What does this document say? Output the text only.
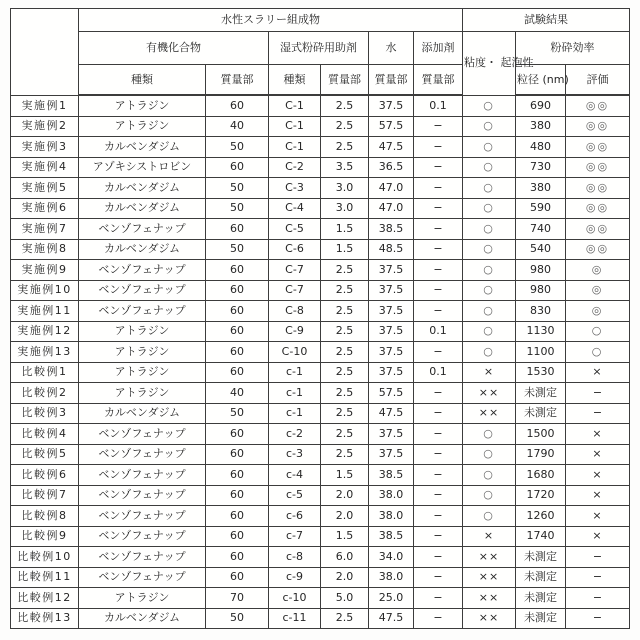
	水性スラリー組成物						試験結果		
	有機化合物		湿式粉砕用助剤		水	添加剤	粘度・ 起泡性	粉砕効率	
	種類	質量部	種類	質量部	質量部	質量部		粒径 (nm)	評価
実施例1	アトラジン	60	C-1	2.5	37.5	0.1	○	690	◎◎
実施例2	アトラジン	40	C-1	2.5	57.5	−	○	380	◎◎
実施例3	カルベンダジム	50	C-1	2.5	47.5	−	○	480	◎◎
実施例4	アゾキシストロビン	60	C-2	3.5	36.5	−	○	730	◎◎
実施例5	カルベンダジム	50	C-3	3.0	47.0	−	○	380	◎◎
実施例6	カルベンダジム	50	C-4	3.0	47.0	−	○	590	◎◎
実施例7	ベンゾフェナップ	60	C-5	1.5	38.5	−	○	740	◎◎
実施例8	カルベンダジム	50	C-6	1.5	48.5	−	○	540	◎◎
実施例9	ベンゾフェナップ	60	C-7	2.5	37.5	−	○	980	◎
実施例10	ベンゾフェナップ	60	C-7	2.5	37.5	−	○	980	◎
実施例11	ベンゾフェナップ	60	C-8	2.5	37.5	−	○	830	◎
実施例12	アトラジン	60	C-9	2.5	37.5	0.1	○	1130	○
実施例13	アトラジン	60	C-10	2.5	37.5	−	○	1100	○
比較例1	アトラジン	60	c-1	2.5	37.5	0.1	×	1530	×
比較例2	アトラジン	40	c-1	2.5	57.5	−	××	未測定	−
比較例3	カルベンダジム	50	c-1	2.5	47.5	−	××	未測定	−
比較例4	ベンゾフェナップ	60	c-2	2.5	37.5	−	○	1500	×
比較例5	ベンゾフェナップ	60	c-3	2.5	37.5	−	○	1790	×
比較例6	ベンゾフェナップ	60	c-4	1.5	38.5	−	○	1680	×
比較例7	ベンゾフェナップ	60	c-5	2.0	38.0	−	○	1720	×
比較例8	ベンゾフェナップ	60	c-6	2.0	38.0	−	○	1260	×
比較例9	ベンゾフェナップ	60	c-7	1.5	38.5	−	×	1740	×
比較例10	ベンゾフェナップ	60	c-8	6.0	34.0	−	××	未測定	−
比較例11	ベンゾフェナップ	60	c-9	2.0	38.0	−	××	未測定	−
比較例12	アトラジン	70	c-10	5.0	25.0	−	××	未測定	−
比較例13	カルベンダジム	50	c-11	2.5	47.5	−	××	未測定	−
